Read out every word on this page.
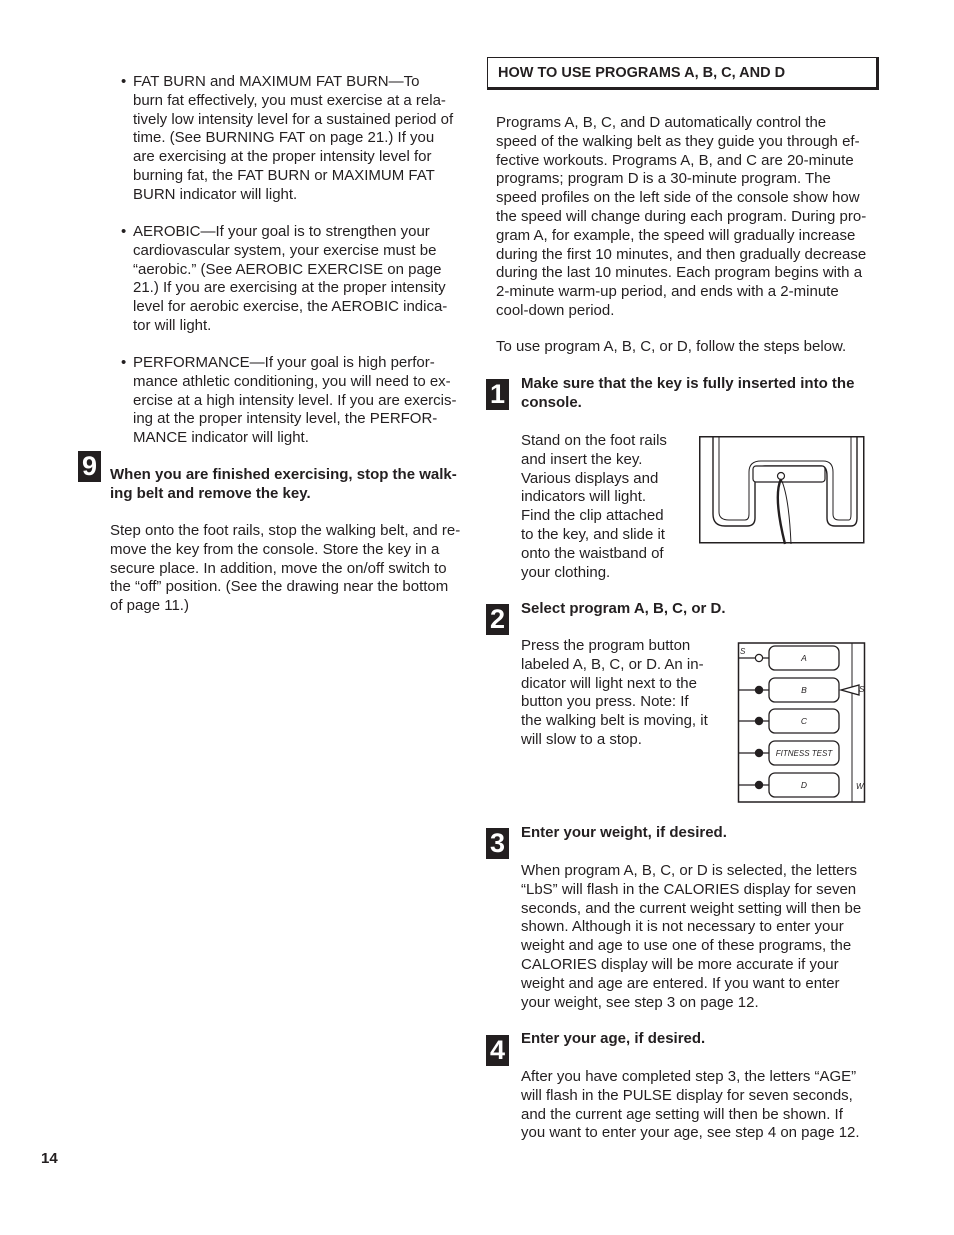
• FAT BURN and MAXIMUM FAT BURN—To
burn fat effectively, you must exercise at a rela-
tively low intensity level for a sustained period of
time. (See BURNING FAT on page 21.) If you
are exercising at the proper intensity level for
burning fat, the FAT BURN or MAXIMUM FAT
BURN indicator will light.
• AEROBIC—If your goal is to strengthen your
cardiovascular system, your exercise must be
“aerobic.” (See AEROBIC EXERCISE on page
21.) If you are exercising at the proper intensity
level for aerobic exercise, the AEROBIC indica-
tor will light.
• PERFORMANCE—If your goal is high perfor-
mance athletic conditioning, you will need to ex-
ercise at a high intensity level. If you are exercis-
ing at the proper intensity level, the PERFOR-
MANCE indicator will light.
9 When you are finished exercising, stop the walk-
ing belt and remove the key.
Step onto the foot rails, stop the walking belt, and re-
move the key from the console. Store the key in a
secure place. In addition, move the on/off switch to
the “off” position. (See the drawing near the bottom
of page 11.)
HOW TO USE PROGRAMS A, B, C, AND D
Programs A, B, C, and D automatically control the
speed of the walking belt as they guide you through ef-
fective workouts. Programs A, B, and C are 20-minute
programs; program D is a 30-minute program. The
speed profiles on the left side of the console show how
the speed will change during each program. During pro-
gram A, for example, the speed will gradually increase
during the first 10 minutes, and then gradually decrease
during the last 10 minutes. Each program begins with a
2-minute warm-up period, and ends with a 2-minute
cool-down period.
To use program A, B, C, or D, follow the steps below.
1 Make sure that the key is fully inserted into the
console.
Stand on the foot rails
and insert the key.
Various displays and
indicators will light.
Find the clip attached
to the key, and slide it
onto the waistband of
your clothing.
2 Select program A, B, C, or D.
Press the program button
labeled A, B, C, or D. An in-
dicator will light next to the
button you press. Note: If
the walking belt is moving, it
will slow to a stop.
S
S
W
A
B
C
FITNESS TEST
D
3 Enter your weight, if desired.
When program A, B, C, or D is selected, the letters
“LbS” will flash in the CALORIES display for seven
seconds, and the current weight setting will then be
shown. Although it is not necessary to enter your
weight and age to use one of these programs, the
CALORIES display will be more accurate if your
weight and age are entered. If you want to enter
your weight, see step 3 on page 12.
4 Enter your age, if desired.
After you have completed step 3, the letters “AGE”
will flash in the PULSE display for seven seconds,
and the current age setting will then be shown. If
you want to enter your age, see step 4 on page 12.
14
